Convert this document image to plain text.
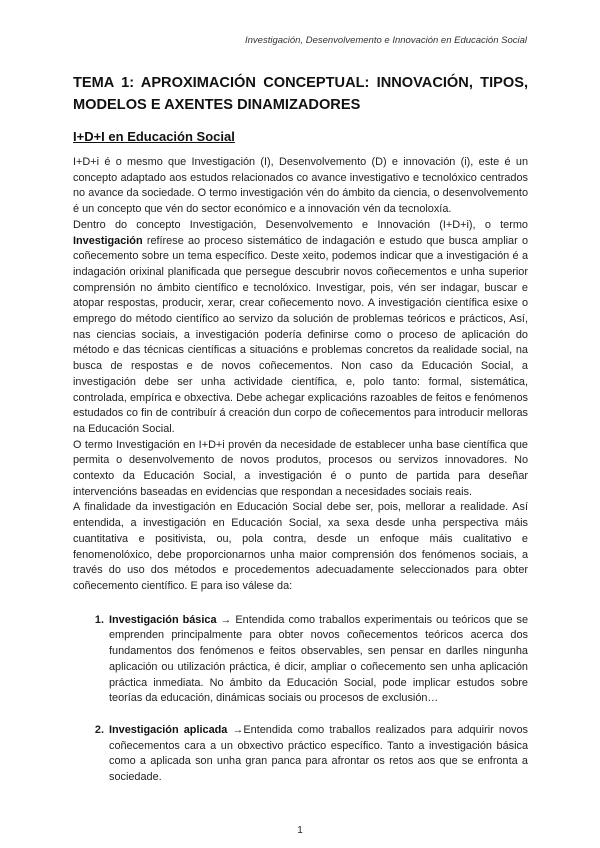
Investigación, Desenvolvemento e Innovación en Educación Social
TEMA 1: APROXIMACIÓN CONCEPTUAL: INNOVACIÓN, TIPOS, MODELOS E AXENTES DINAMIZADORES
I+D+I en Educación Social

I+D+i é o mesmo que Investigación (I), Desenvolvemento (D) e innovación (i), este é un concepto adaptado aos estudos relacionados co avance investigativo e tecnolóxico centrados no avance da sociedade. O termo investigación vén do ámbito da ciencia, o desenvolvemento é un concepto que vén do sector económico e a innovación vén da tecnoloxía.

Dentro do concepto Investigación, Desenvolvemento e Innovación (I+D+i), o termo Investigación refírese ao proceso sistemático de indagación e estudo que busca ampliar o coñecemento sobre un tema específico. Deste xeito, podemos indicar que a investigación é a indagación orixinal planificada que persegue descubrir novos coñecementos e unha superior comprensión no ámbito científico e tecnolóxico. Investigar, pois, vén ser indagar, buscar e atopar respostas, producir, xerar, crear coñecemento novo. A investigación científica esixe o emprego do método científico ao servizo da solución de problemas teóricos e prácticos, Así, nas ciencias sociais, a investigación podería definirse como o proceso de aplicación do método e das técnicas científicas a situacións e problemas concretos da realidade social, na busca de respostas e de novos coñecementos. Non caso da Educación Social, a investigación debe ser unha actividade científica, e, polo tanto: formal, sistemática, controlada, empírica e obxectiva. Debe achegar explicacións razoables de feitos e fenómenos estudados co fin de contribuír á creación dun corpo de coñecementos para introducir melloras na Educación Social.

O termo Investigación en I+D+i provén da necesidade de establecer unha base científica que permita o desenvolvemento de novos produtos, procesos ou servizos innovadores. No contexto da Educación Social, a investigación é o punto de partida para deseñar intervencións baseadas en evidencias que respondan a necesidades sociais reais.

A finalidade da investigación en Educación Social debe ser, pois, mellorar a realidade. Así entendida, a investigación en Educación Social, xa sexa desde unha perspectiva máis cuantitativa e positivista, ou, pola contra, desde un enfoque máis cualitativo e fenomenolóxico, debe proporcionarnos unha maior comprensión dos fenómenos sociais, a través do uso dos métodos e procedementos adecuadamente seleccionados para obter coñecemento científico. E para iso válese da:

1. Investigación básica → Entendida como traballos experimentais ou teóricos que se emprenden principalmente para obter novos coñecementos teóricos acerca dos fundamentos dos fenómenos e feitos observables, sen pensar en darlles ningunha aplicación ou utilización práctica, é dicir, ampliar o coñecemento sen unha aplicación práctica inmediata. No ámbito da Educación Social, pode implicar estudos sobre teorías da educación, dinámicas sociais ou procesos de exclusión…
2. Investigación aplicada →Entendida como traballos realizados para adquirir novos coñecementos cara a un obxectivo práctico específico. Tanto a investigación básica como a aplicada son unha gran panca para afrontar os retos aos que se enfronta a sociedade.
1
